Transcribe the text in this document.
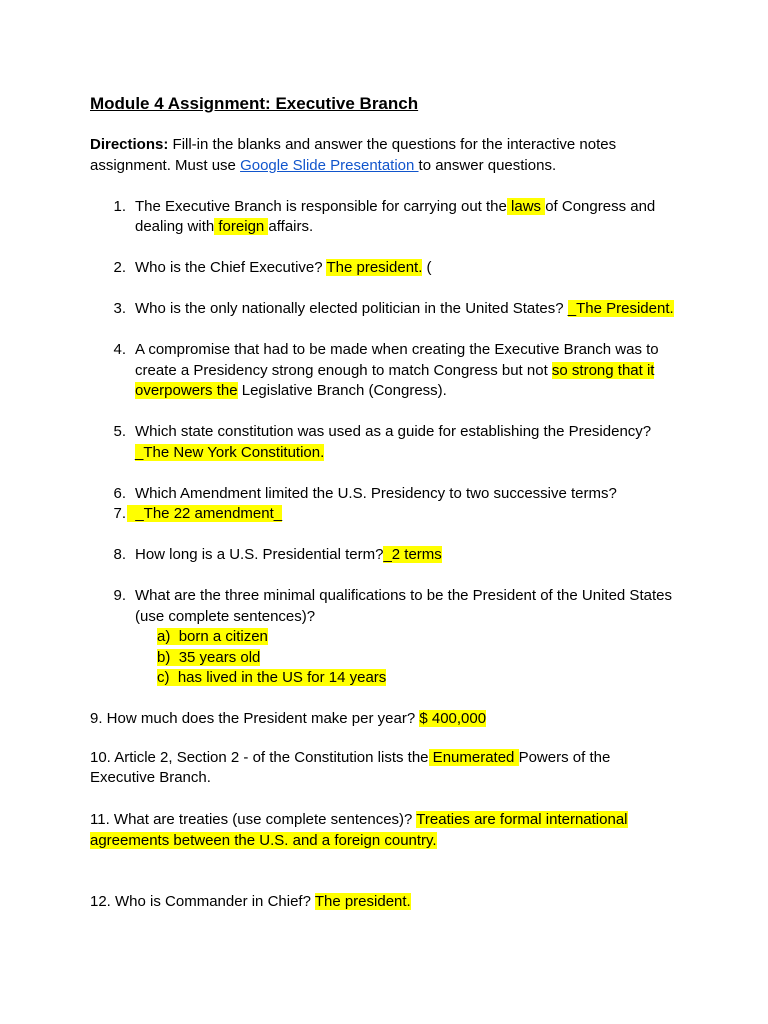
Module 4 Assignment: Executive Branch
Directions: Fill-in the blanks and answer the questions for the interactive notes
assignment. Must use Google Slide Presentation to answer questions.
1. The Executive Branch is responsible for carrying out the laws of Congress and
dealing with foreign affairs.
2. Who is the Chief Executive? The president. (
3. Who is the only nationally elected politician in the United States? _The President.
4. A compromise that had to be made when creating the Executive Branch was to
create a Presidency strong enough to match Congress but not so strong that it
overpowers the Legislative Branch (Congress).
5. Which state constitution was used as a guide for establishing the Presidency?
_The New York Constitution.
6. Which Amendment limited the U.S. Presidency to two successive terms?
7. _The 22 amendment_
8. How long is a U.S. Presidential term?_2 terms
9. What are the three minimal qualifications to be the President of the United States
(use complete sentences)?
a) born a citizen
b) 35 years old
c) has lived in the US for 14 years
9. How much does the President make per year? $ 400,000
10. Article 2, Section 2 - of the Constitution lists the Enumerated Powers of the
Executive Branch.
11. What are treaties (use complete sentences)? Treaties are formal international
agreements between the U.S. and a foreign country.
12. Who is Commander in Chief? The president.
